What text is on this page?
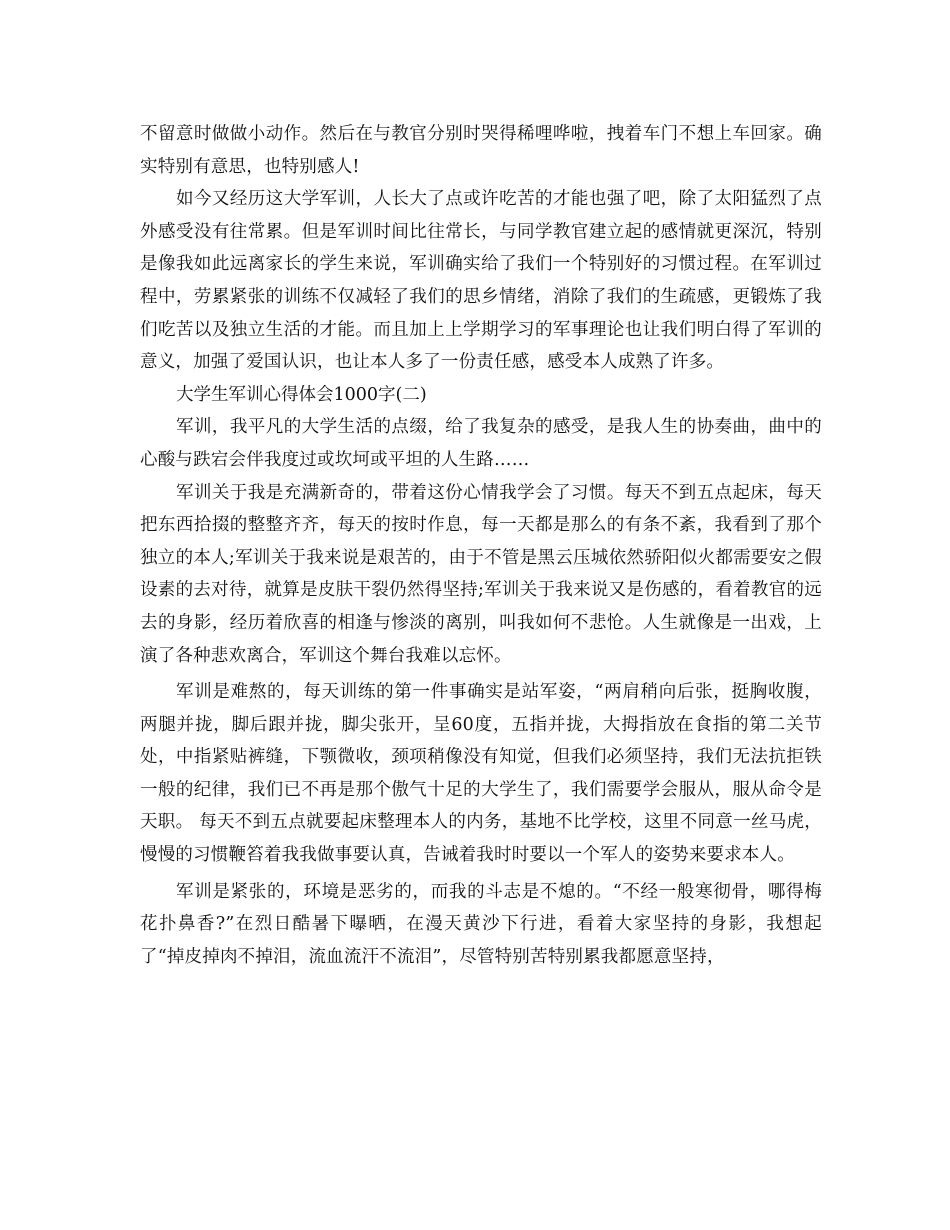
不留意时做做小动作。然后在与教官分别时哭得稀哩哗啦，拽着车门不想上车回家。确实特别有意思，也特别感人!

如今又经历这大学军训，人长大了点或许吃苦的才能也强了吧，除了太阳猛烈了点外感受没有往常累。但是军训时间比往常长，与同学教官建立起的感情就更深沉，特别是像我如此远离家长的学生来说，军训确实给了我们一个特别好的习惯过程。在军训过程中，劳累紧张的训练不仅减轻了我们的思乡情绪，消除了我们的生疏感，更锻炼了我们吃苦以及独立生活的才能。而且加上上学期学习的军事理论也让我们明白得了军训的意义，加强了爱国认识，也让本人多了一份责任感，感受本人成熟了许多。

大学生军训心得体会1000字(二)

军训，我平凡的大学生活的点缀，给了我复杂的感受，是我人生的协奏曲，曲中的心酸与跌宕会伴我度过或坎坷或平坦的人生路……

军训关于我是充满新奇的，带着这份心情我学会了习惯。每天不到五点起床，每天把东西拾掇的整整齐齐，每天的按时作息，每一天都是那么的有条不紊，我看到了那个独立的本人;军训关于我来说是艰苦的，由于不管是黑云压城依然骄阳似火都需要安之假设素的去对待，就算是皮肤干裂仍然得坚持;军训关于我来说又是伤感的，看着教官的远去的身影，经历着欣喜的相逢与惨淡的离别，叫我如何不悲怆。人生就像是一出戏，上演了各种悲欢离合，军训这个舞台我难以忘怀。

军训是难熬的，每天训练的第一件事确实是站军姿，“两肩稍向后张，挺胸收腹，两腿并拢，脚后跟并拢，脚尖张开，呈60度，五指并拢，大拇指放在食指的第二关节处，中指紧贴裤缝，下颚微收，颈项稍像没有知觉，但我们必须坚持，我们无法抗拒铁一般的纪律，我们已不再是那个傲气十足的大学生了，我们需要学会服从，服从命令是天职。 每天不到五点就要起床整理本人的内务，基地不比学校，这里不同意一丝马虎，慢慢的习惯鞭笞着我我做事要认真，告诫着我时时要以一个军人的姿势来要求本人。

军训是紧张的，环境是恶劣的，而我的斗志是不熄的。“不经一般寒彻骨，哪得梅花扑鼻香?”在烈日酷暑下曝晒，在漫天黄沙下行进，看着大家坚持的身影，我想起了“掉皮掉肉不掉泪，流血流汗不流泪”，尽管特别苦特别累我都愿意坚持，
